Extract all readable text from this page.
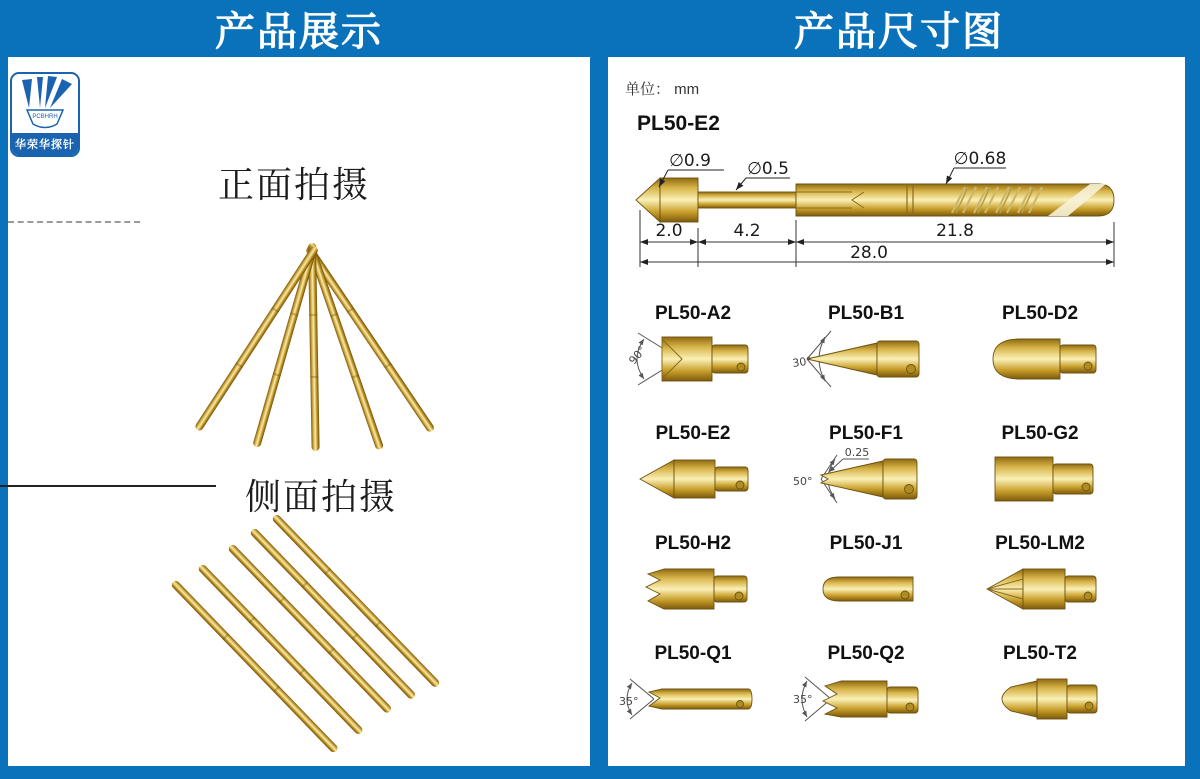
产品展示	产品尺寸图
PCBHRH
华荣华探针
正面拍摄
侧面拍摄
单位： mm
PL50-E2
∅0.9 ∅0.5	∅0.68
2.0	4.2	21.8
28.0
PL50-A2
90°
PL50-B1
30°
PL50-D2
PL50-E2	PL50-F1
50°
0.25
PL50-G2
PL50-H2	PL50-J1	PL50-LM2
PL50-Q1
35°
PL50-Q2
35°
PL50-T2
